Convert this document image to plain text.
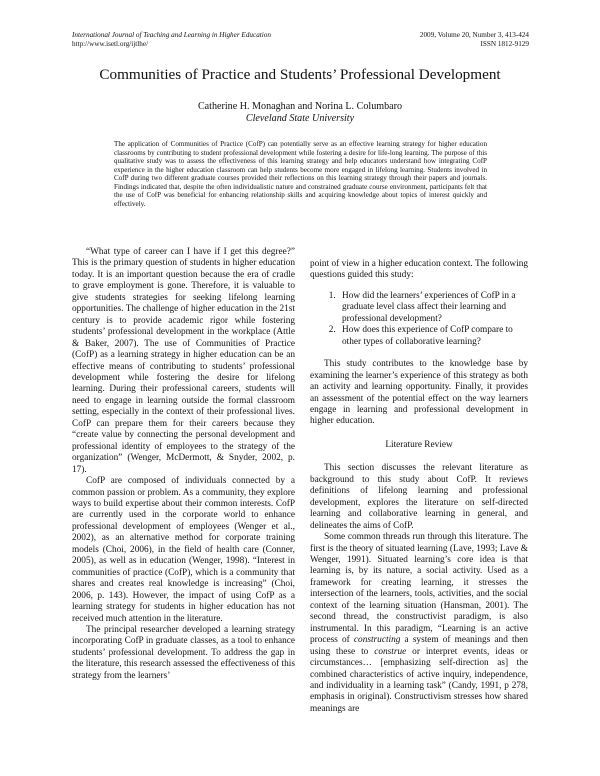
International Journal of Teaching and Learning in Higher Education
http://www.isetl.org/ijtlhe/
2009, Volume 20, Number 3, 413-424
ISSN 1812-9129
Communities of Practice and Students’ Professional Development
Catherine H. Monaghan and Norina L. Columbaro
Cleveland State University
The application of Communities of Practice (CofP) can potentially serve as an effective learning strategy for higher education classrooms by contributing to student professional development while fostering a desire for life-long learning. The purpose of this qualitative study was to assess the effectiveness of this learning strategy and help educators understand how integrating CofP experience in the higher education classroom can help students become more engaged in lifelong learning. Students involved in CofP during two different graduate courses provided their reflections on this learning strategy through their papers and journals. Findings indicated that, despite the often individualistic nature and constrained graduate course environment, participants felt that the use of CofP was beneficial for enhancing relationship skills and acquiring knowledge about topics of interest quickly and effectively.

“What type of career can I have if I get this degree?” This is the primary question of students in higher education today. It is an important question because the era of cradle to grave employment is gone. Therefore, it is valuable to give students strategies for seeking lifelong learning opportunities. The challenge of higher education in the 21st century is to provide academic rigor while fostering students’ professional development in the workplace (Attle & Baker, 2007). The use of Communities of Practice (CofP) as a learning strategy in higher education can be an effective means of contributing to students’ professional development while fostering the desire for lifelong learning. During their professional careers, students will need to engage in learning outside the formal classroom setting, especially in the context of their professional lives. CofP can prepare them for their careers because they “create value by connecting the personal development and professional identity of employees to the strategy of the organization” (Wenger, McDermott, & Snyder, 2002, p. 17).

CofP are composed of individuals connected by a common passion or problem. As a community, they explore ways to build expertise about their common interests. CofP are currently used in the corporate world to enhance professional development of employees (Wenger et al., 2002), as an alternative method for corporate training models (Choi, 2006), in the field of health care (Conner, 2005), as well as in education (Wenger, 1998). “Interest in communities of practice (CofP), which is a community that shares and creates real knowledge is increasing” (Choi, 2006, p. 143). However, the impact of using CofP as a learning strategy for students in higher education has not received much attention in the literature.

The principal researcher developed a learning strategy incorporating CofP in graduate classes, as a tool to enhance students’ professional development. To address the gap in the literature, this research assessed the effectiveness of this strategy from the learners’

point of view in a higher education context. The following questions guided this study:

1. How did the learners’ experiences of CofP in a graduate level class affect their learning and professional development?
2. How does this experience of CofP compare to other types of collaborative learning?

This study contributes to the knowledge base by examining the learner’s experience of this strategy as both an activity and learning opportunity. Finally, it provides an assessment of the potential effect on the way learners engage in learning and professional development in higher education.

Literature Review

This section discusses the relevant literature as background to this study about CofP. It reviews definitions of lifelong learning and professional development, explores the literature on self-directed learning and collaborative learning in general, and delineates the aims of CofP.

Some common threads run through this literature. The first is the theory of situated learning (Lave, 1993; Lave & Wenger, 1991). Situated learning’s core idea is that learning is, by its nature, a social activity. Used as a framework for creating learning, it stresses the intersection of the learners, tools, activities, and the social context of the learning situation (Hansman, 2001). The second thread, the constructivist paradigm, is also instrumental. In this paradigm, “Learning is an active process of constructing a system of meanings and then using these to construe or interpret events, ideas or circumstances… [emphasizing self-direction as] the combined characteristics of active inquiry, independence, and individuality in a learning task” (Candy, 1991, p 278, emphasis in original). Constructivism stresses how shared meanings are
